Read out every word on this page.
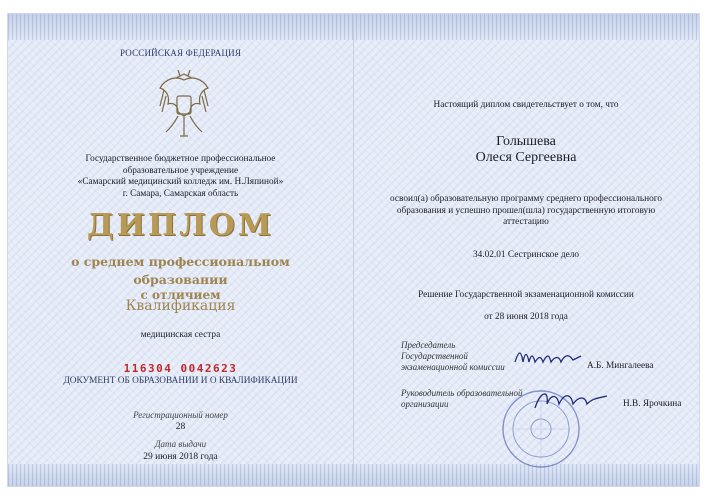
РОССИЙСКАЯ ФЕДЕРАЦИЯ
Государственное бюджетное профессиональное
образовательное учреждение
«Самарский медицинский колледж им. Н.Ляпиной»
г. Самара, Самарская область
ДИПЛОМ
о среднем профессиональном
образовании
с отличием
Квалификация
медицинская сестра
116304 0042623
ДОКУМЕНТ ОБ ОБРАЗОВАНИИ И О КВАЛИФИКАЦИИ
Регистрационный номер
28
Дата выдачи
29 июня 2018 года
Настоящий диплом свидетельствует о том, что
Голышева
Олеся Сергеевна
освоил(а) образовательную программу среднего профессионального
образования и успешно прошел(шла) государственную итоговую
аттестацию
34.02.01 Сестринское дело
Решение Государственной экзаменационной комиссии
от 28 июня 2018 года
Председатель
Государственной
экзаменационной комиссии	А.Б. Мингалеева
Руководитель образовательной
организации	Н.В. Ярочкина
